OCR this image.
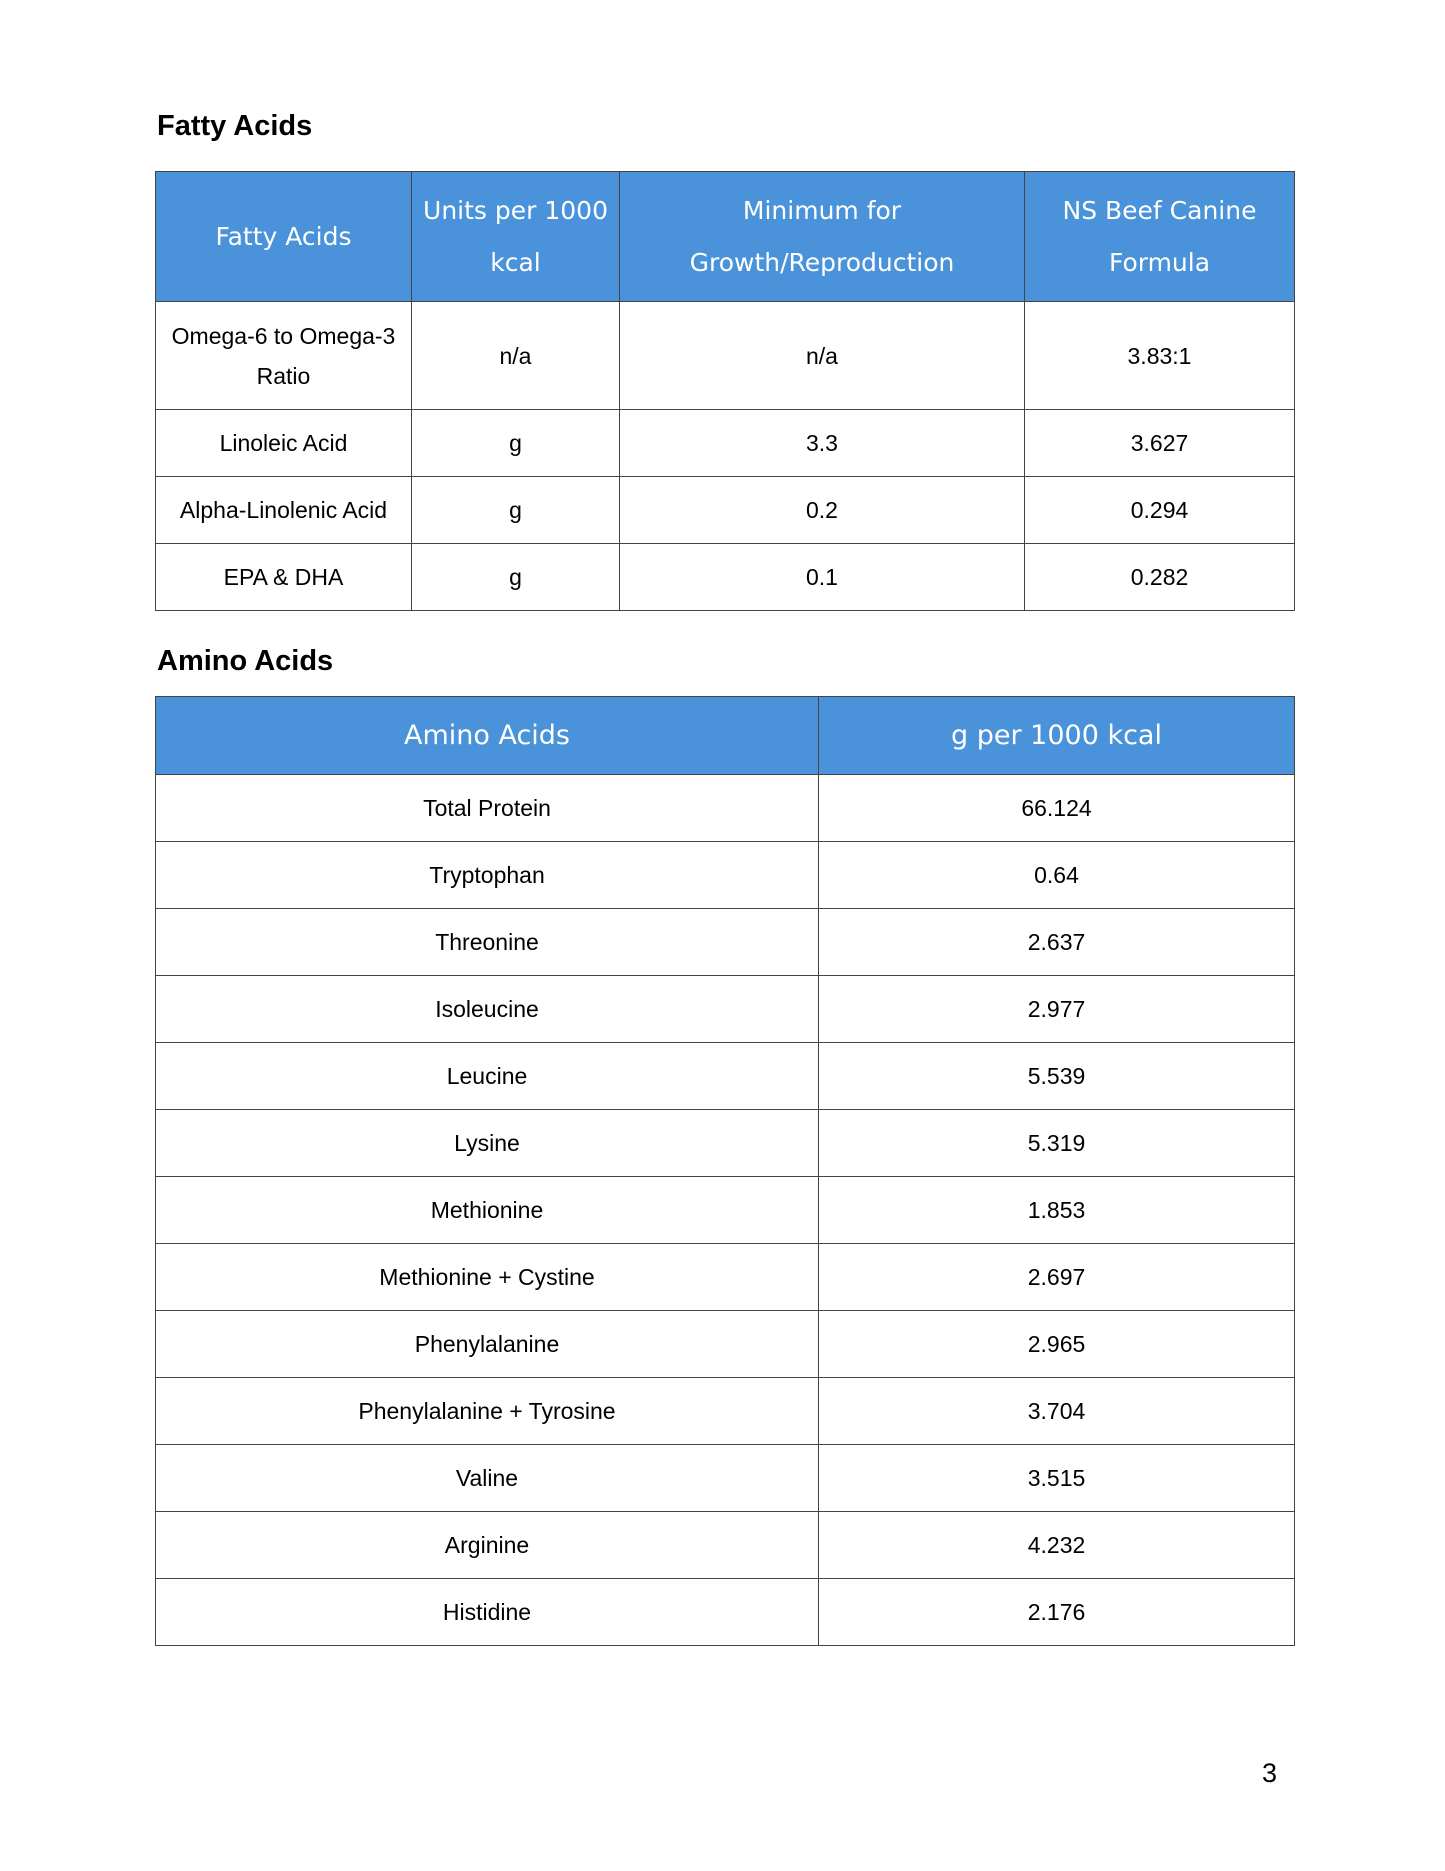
Fatty Acids
Fatty Acids	Units per 1000 kcal	Minimum for Growth/Reproduction	NS Beef Canine Formula
Omega-6 to Omega-3 Ratio	n/a	n/a	3.83:1
Linoleic Acid	g	3.3	3.627
Alpha-Linolenic Acid	g	0.2	0.294
EPA & DHA	g	0.1	0.282
Amino Acids
Amino Acids	g per 1000 kcal
Total Protein	66.124
Tryptophan	0.64
Threonine	2.637
Isoleucine	2.977
Leucine	5.539
Lysine	5.319
Methionine	1.853
Methionine + Cystine	2.697
Phenylalanine	2.965
Phenylalanine + Tyrosine	3.704
Valine	3.515
Arginine	4.232
Histidine	2.176
3
